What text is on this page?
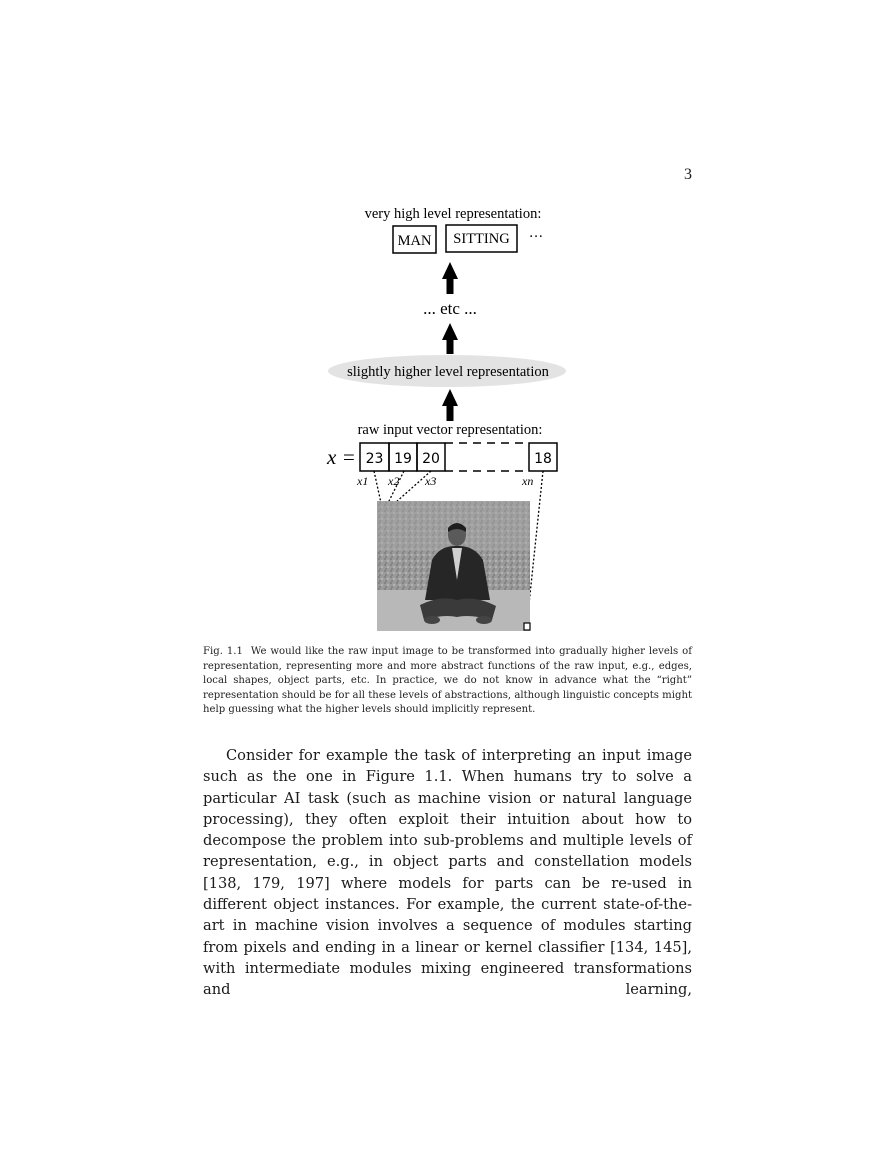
3
very high level representation:
MAN SITTING ···
... etc ...
slightly higher level representation
raw input vector representation:
x = 23 19 20	18
x1 x2 x3	xn
Fig. 1.1 We would like the raw input image to be transformed into gradually higher levels of representation, representing more and more abstract functions of the raw input, e.g., edges, local shapes, object parts, etc. In practice, we do not know in advance what the “right” representation should be for all these levels of abstractions, although linguistic concepts might help guessing what the higher levels should implicitly represent.

Consider for example the task of interpreting an input image such as the one in Figure 1.1. When humans try to solve a particular AI task (such as machine vision or natural language processing), they often exploit their intuition about how to decompose the problem into sub-problems and multiple levels of representation, e.g., in object parts and constellation models [138, 179, 197] where models for parts can be re-used in different object instances. For example, the current state-of-the-art in machine vision involves a sequence of modules starting from pixels and ending in a linear or kernel classifier [134, 145], with intermediate modules mixing engineered transformations and learning,
